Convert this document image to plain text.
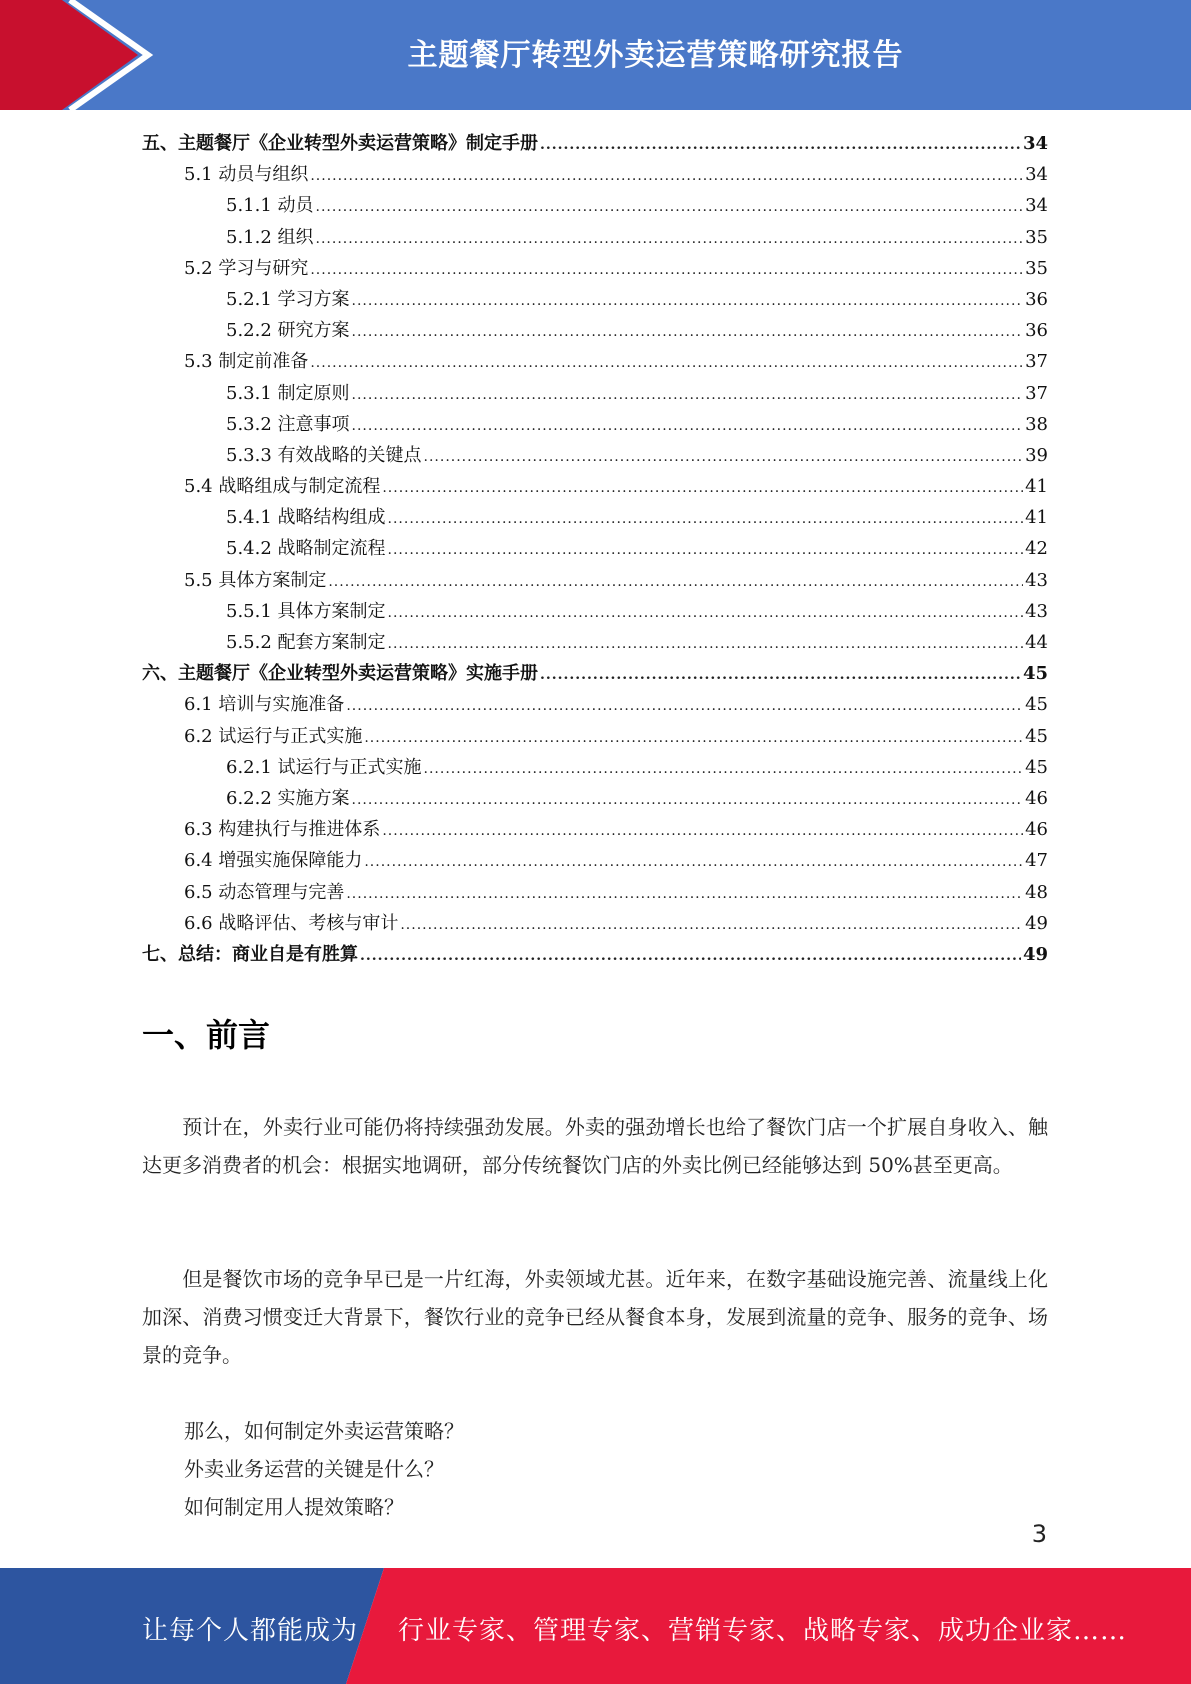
主题餐厅转型外卖运营策略研究报告
五、主题餐厅《企业转型外卖运营策略》制定手册 .....	34
5.1 动员与组织 .....	34
5.1.1 动员 .....	34
5.1.2 组织 .....	35
5.2 学习与研究 .....	35
5.2.1 学习方案 .....	36
5.2.2 研究方案 .....	36
5.3 制定前准备 .....	37
5.3.1 制定原则 .....	37
5.3.2 注意事项 .....	38
5.3.3 有效战略的关键点 .....	39
5.4 战略组成与制定流程 .....	41
5.4.1 战略结构组成 .....	41
5.4.2 战略制定流程 .....	42
5.5 具体方案制定 .....	43
5.5.1 具体方案制定 .....	43
5.5.2 配套方案制定 .....	44
六、主题餐厅《企业转型外卖运营策略》实施手册 .....	45
6.1 培训与实施准备 .....	45
6.2 试运行与正式实施 .....	45
6.2.1 试运行与正式实施 .....	45
6.2.2 实施方案 .....	46
6.3 构建执行与推进体系 .....	46
6.4 增强实施保障能力 .....	47
6.5 动态管理与完善 .....	48
6.6 战略评估、考核与审计 .....	49
七、总结：商业自是有胜算 .....	49
一、前言
　　预计在，外卖行业可能仍将持续强劲发展。外卖的强劲增长也给了餐饮门店一个扩展自身收入、触达更多消费者的机会：根据实地调研，部分传统餐饮门店的外卖比例已经能够达到 50%甚至更高。
　　但是餐饮市场的竞争早已是一片红海，外卖领域尤甚。近年来，在数字基础设施完善、流量线上化加深、消费习惯变迁大背景下，餐饮行业的竞争已经从餐食本身，发展到流量的竞争、服务的竞争、场景的竞争。
那么，如何制定外卖运营策略？
外卖业务运营的关键是什么？
如何制定用人提效策略？
3
让每个人都能成为 行业专家、管理专家、营销专家、战略专家、成功企业家……
